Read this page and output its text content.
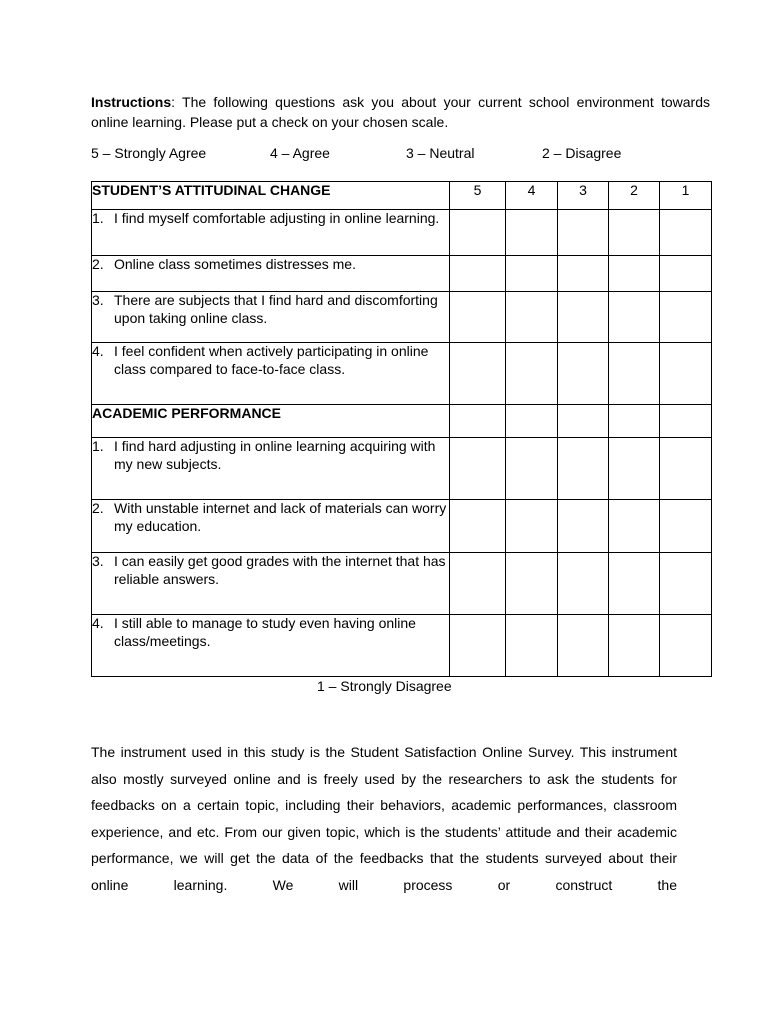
Instructions: The following questions ask you about your current school environment towards online learning. Please put a check on your chosen scale.

5 – Strongly Agree	4 – Agree	3 – Neutral	2 – Disagree
STUDENT’S ATTITUDINAL CHANGE	5	4	3	2	1

1. I find myself comfortable adjusting in online learning.					

2. Online class sometimes distresses me.					

3. There are subjects that I find hard and discomforting upon taking online class.					

4. I feel confident when actively participating in online class compared to face-to-face class.					

ACADEMIC PERFORMANCE					

1. I find hard adjusting in online learning acquiring with my new subjects.					

2. With unstable internet and lack of materials can worry my education.					

3. I can easily get good grades with the internet that has reliable answers.					

4. I still able to manage to study even having online class/meetings.					

1 – Strongly Disagree

The instrument used in this study is the Student Satisfaction Online Survey. This instrument also mostly surveyed online and is freely used by the researchers to ask the students for feedbacks on a certain topic, including their behaviors, academic performances, classroom experience, and etc. From our given topic, which is the students’ attitude and their academic performance, we will get the data of the feedbacks that the students surveyed about their online learning. We will process or construct the
